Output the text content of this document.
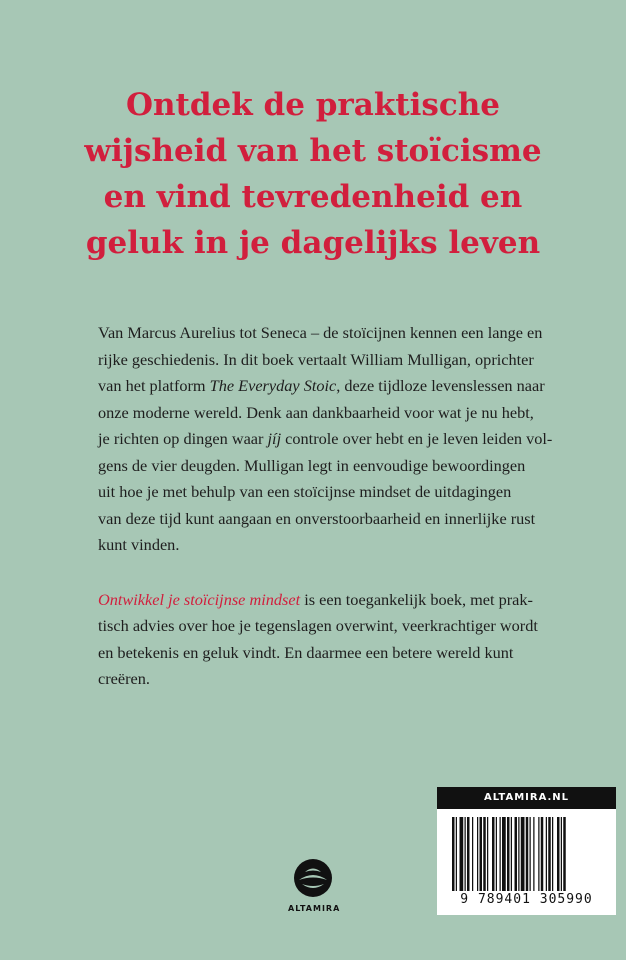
Ontdek de praktische
wijsheid van het stoïcisme
en vind tevredenheid en
geluk in je dagelijks leven
Van Marcus Aurelius tot Seneca – de stoïcijnen kennen een lange en
rijke geschiedenis. In dit boek vertaalt William Mulligan, oprichter
van het platform The Everyday Stoic, deze tijdloze levenslessen naar
onze moderne wereld. Denk aan dankbaarheid voor wat je nu hebt,
je richten op dingen waar jíj controle over hebt en je leven leiden vol-
gens de vier deugden. Mulligan legt in eenvoudige bewoordingen
uit hoe je met behulp van een stoïcijnse mindset de uitdagingen
van deze tijd kunt aangaan en onverstoorbaarheid en innerlijke rust
kunt vinden.
Ontwikkel je stoïcijnse mindset is een toegankelijk boek, met prak-
tisch advies over hoe je tegenslagen overwint, veerkrachtiger wordt
en betekenis en geluk vindt. En daarmee een betere wereld kunt
creëren.
ALTAMIRA
ALTAMIRA.NL
9 789401 305990
